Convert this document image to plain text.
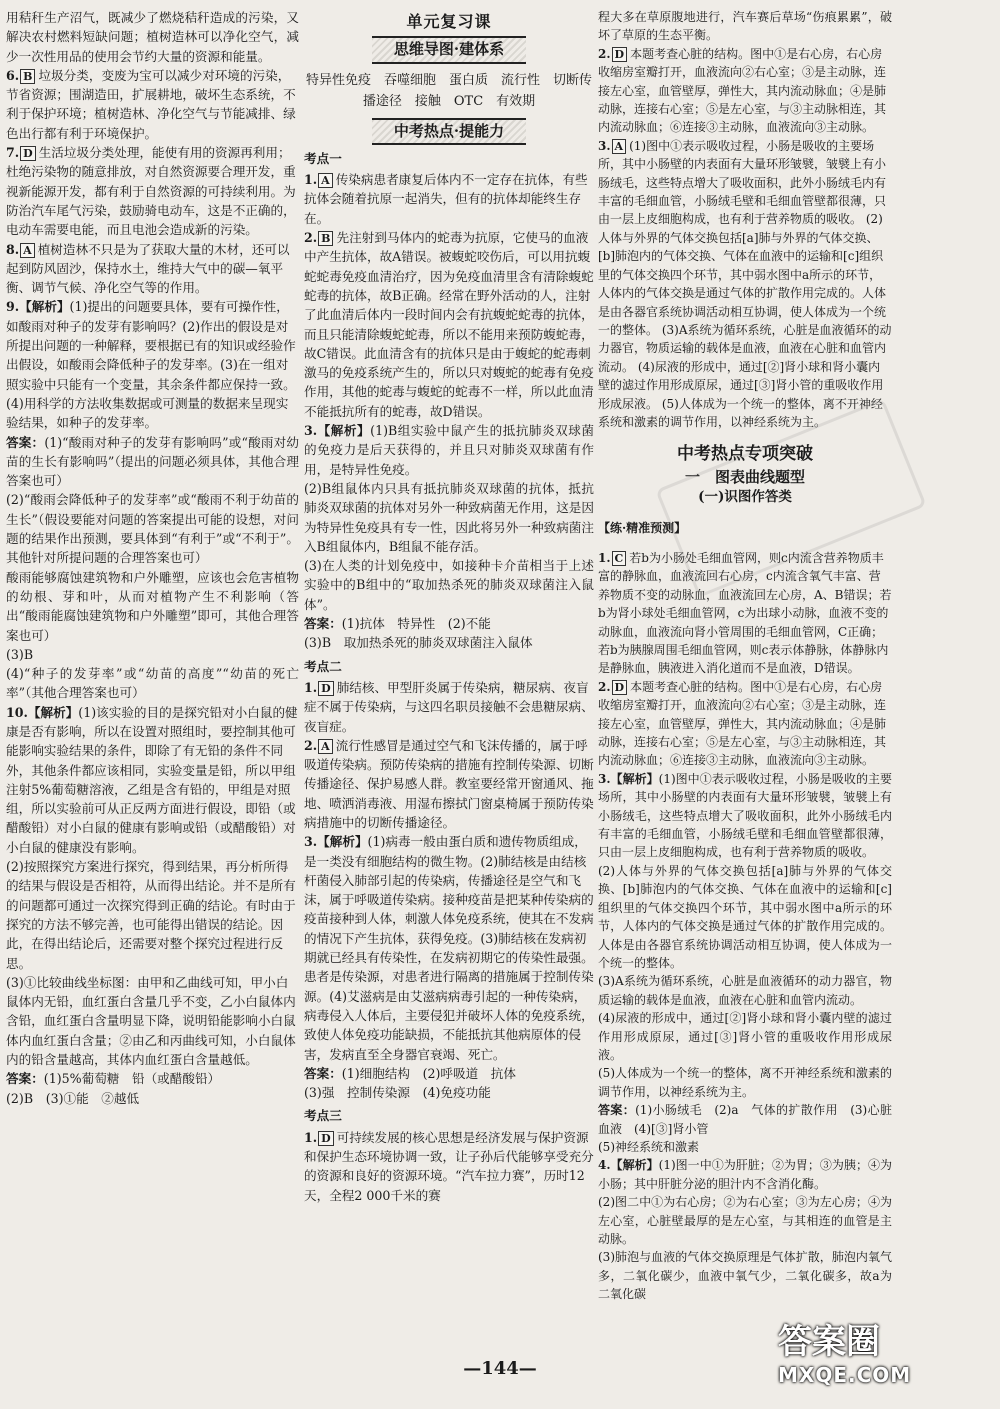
用秸秆生产沼气，既减少了燃烧秸秆造成的污染，又解决农村燃料短缺问题；植树造林可以净化空气，减少一次性用品的使用会节约大量的资源和能量。

6. B 垃圾分类，变废为宝可以减少对环境的污染，节省资源；围湖造田，扩展耕地，破坏生态系统，不利于保护环境；植树造林、净化空气与节能减排、绿色出行都有利于环境保护。

7. D 生活垃圾分类处理，能使有用的资源再利用；杜绝污染物的随意排放，对自然资源要合理开发，重视新能源开发，都有利于自然资源的可持续利用。为防治汽车尾气污染，鼓励骑电动车，这是不正确的，电动车需要电能，而且电池会造成新的污染。

8. A 植树造林不只是为了获取大量的木材，还可以起到防风固沙，保持水土，维持大气中的碳—氧平衡、调节气候、净化空气等的作用。

9.【解析】(1)提出的问题要具体，要有可操作性，如酸雨对种子的发芽有影响吗？(2)作出的假设是对所提出问题的一种解释，要根据已有的知识或经验作出假设，如酸雨会降低种子的发芽率。(3)在一组对照实验中只能有一个变量，其余条件都应保持一致。(4)用科学的方法收集数据或可测量的数据来呈现实验结果，如种子的发芽率。

答案：(1)“酸雨对种子的发芽有影响吗”或“酸雨对幼苗的生长有影响吗”（提出的问题必须具体，其他合理答案也可）
(2)“酸雨会降低种子的发芽率”或“酸雨不利于幼苗的生长”（假设要能对问题的答案提出可能的设想，对问题的结果作出预测，要具体到“有利于”或“不利于”。其他针对所提问题的合理答案也可）
酸雨能够腐蚀建筑物和户外雕塑，应该也会危害植物的幼根、芽和叶，从而对植物产生不利影响（答出“酸雨能腐蚀建筑物和户外雕塑”即可，其他合理答案也可）
(3)B
(4)“种子的发芽率”或“幼苗的高度”“幼苗的死亡率”（其他合理答案也可）

10.【解析】(1)该实验的目的是探究铅对小白鼠的健康是否有影响，所以在设置对照组时，要控制其他可能影响实验结果的条件，即除了有无铅的条件不同外，其他条件都应该相同，实验变量是铅，所以甲组注射5%葡萄糖溶液，乙组是含有铅的，甲组是对照组，所以实验前可从正反两方面进行假设，即铅（或醋酸铅）对小白鼠的健康有影响或铅（或醋酸铅）对小白鼠的健康没有影响。
(2)按照探究方案进行探究，得到结果，再分析所得的结果与假设是否相符，从而得出结论。并不是所有的问题都可通过一次探究得到正确的结论。有时由于探究的方法不够完善，也可能得出错误的结论。因此，在得出结论后，还需要对整个探究过程进行反思。
(3)①比较曲线坐标图：由甲和乙曲线可知，甲小白鼠体内无铅，血红蛋白含量几乎不变，乙小白鼠体内含铅，血红蛋白含量明显下降，说明铅能影响小白鼠体内血红蛋白含量；②由乙和丙曲线可知，小白鼠体内的铅含量越高，其体内血红蛋白含量越低。

答案：(1)5%葡萄糖　铅（或醋酸铅）
(2)B　(3)①能　②越低

单元复习课
思维导图·建体系

特异性免疫　吞噬细胞　蛋白质　流行性　切断传播途径　接触　OTC　有效期

中考热点·提能力

考点一

1. A 传染病患者康复后体内不一定存在抗体，有些抗体会随着抗原一起消失，但有的抗体却能终生存在。

2. B 先注射到马体内的蛇毒为抗原，它使马的血液中产生抗体，故A错误。被蝮蛇咬伤后，可以用抗蝮蛇蛇毒免疫血清治疗，因为免疫血清里含有清除蝮蛇蛇毒的抗体，故B正确。经常在野外活动的人，注射了此血清后体内一段时间内会有抗蝮蛇蛇毒的抗体，而且只能清除蝮蛇蛇毒，所以不能用来预防蝮蛇毒，故C错误。此血清含有的抗体只是由于蝮蛇的蛇毒刺激马的免疫系统产生的，所以只对蝮蛇的蛇毒有免疫作用，其他的蛇毒与蝮蛇的蛇毒不一样，所以此血清不能抵抗所有的蛇毒，故D错误。

3.【解析】(1)B组实验中鼠产生的抵抗肺炎双球菌的免疫力是后天获得的，并且只对肺炎双球菌有作用，是特异性免疫。
(2)B组鼠体内只具有抵抗肺炎双球菌的抗体，抵抗肺炎双球菌的抗体对另外一种致病菌无作用，这是因为特异性免疫具有专一性，因此将另外一种致病菌注入B组鼠体内，B组鼠不能存活。
(3)在人类的计划免疫中，如接种卡介苗相当于上述实验中的B组中的“取加热杀死的肺炎双球菌注入鼠体”。

答案：(1)抗体　特异性　(2)不能
(3)B　取加热杀死的肺炎双球菌注入鼠体

考点二

1. D 肺结核、甲型肝炎属于传染病，糖尿病、夜盲症不属于传染病，与这四名职员接触不会患糖尿病、夜盲症。

2. A 流行性感冒是通过空气和飞沫传播的，属于呼吸道传染病。预防传染病的措施有控制传染源、切断传播途径、保护易感人群。教室要经常开窗通风、拖地、喷洒消毒液、用湿布擦拭门窗桌椅属于预防传染病措施中的切断传播途径。

3.【解析】(1)病毒一般由蛋白质和遗传物质组成，是一类没有细胞结构的微生物。(2)肺结核是由结核杆菌侵入肺部引起的传染病，传播途径是空气和飞沫，属于呼吸道传染病。接种疫苗是把某种传染病的疫苗接种到人体，刺激人体免疫系统，使其在不发病的情况下产生抗体，获得免疫。(3)肺结核在发病初期就已经具有传染性，在发病初期它的传染性最强。患者是传染源，对患者进行隔离的措施属于控制传染源。(4)艾滋病是由艾滋病病毒引起的一种传染病，病毒侵入人体后，主要侵犯并破坏人体的免疫系统，致使人体免疫功能缺损，不能抵抗其他病原体的侵害，发病直至全身器官衰竭、死亡。

答案：(1)细胞结构　(2)呼吸道　抗体
(3)强　控制传染源　(4)免疫功能

考点三

1. D 可持续发展的核心思想是经济发展与保护资源和保护生态环境协调一致，让子孙后代能够享受充分的资源和良好的资源环境。“汽车拉力赛”，历时12天，全程2 000千米的赛

程大多在草原腹地进行，汽车赛后草场“伤痕累累”，破坏了草原的生态平衡。

2. D 本题考查心脏的结构。图中①是右心房，右心房收缩房室瓣打开，血液流向②右心室；③是主动脉，连接左心室，血管壁厚，弹性大，其内流动脉血；④是肺动脉，连接右心室；⑤是左心室，与③主动脉相连，其内流动脉血；⑥连接③主动脉，血液流向③主动脉。

3. A (1)图中①表示吸收过程，小肠是吸收的主要场所，其中小肠壁的内表面有大量环形皱襞，皱襞上有小肠绒毛，这些特点增大了吸收面积，此外小肠绒毛内有丰富的毛细血管，小肠绒毛壁和毛细血管壁都很薄，只由一层上皮细胞构成，也有利于营养物质的吸收。 (2)人体与外界的气体交换包括[a]肺与外界的气体交换、[b]肺泡内的气体交换、气体在血液中的运输和[c]组织里的气体交换四个环节，其中弱水图中a所示的环节，人体内的气体交换是通过气体的扩散作用完成的。人体是由各器官系统协调活动相互协调，使人体成为一个统一的整体。 (3)A系统为循环系统，心脏是血液循环的动力器官，物质运输的载体是血液，血液在心脏和血管内流动。 (4)尿液的形成中，通过[②]肾小球和肾小囊内壁的滤过作用形成原尿，通过[③]肾小管的重吸收作用形成尿液。 (5)人体成为一个统一的整体，离不开神经系统和激素的调节作用，以神经系统为主。

中考热点专项突破

一　图表曲线题型

(一)识图作答类

【练·精准预测】

1. C 若b为小肠处毛细血管网，则c内流含营养物质丰富的静脉血，血液流回右心房，c内流含氧气丰富、营养物质不变的动脉血，血液流回左心房，A、B错误；若b为肾小球处毛细血管网，c为出球小动脉，血液不变的动脉血，血液流向肾小管周围的毛细血管网，C正确；若b为胰腺周围毛细血管网，则c表示体静脉，体静脉内是静脉血，胰液进入消化道而不是血液，D错误。

2. D 本题考查心脏的结构。图中①是右心房，右心房收缩房室瓣打开，血液流向②右心室；③是主动脉，连接左心室，血管壁厚，弹性大，其内流动脉血；④是肺动脉，连接右心室；⑤是左心室，与③主动脉相连，其内流动脉血；⑥连接③主动脉，血液流向③主动脉。

3.【解析】(1)图中①表示吸收过程，小肠是吸收的主要场所，其中小肠壁的内表面有大量环形皱襞，皱襞上有小肠绒毛，这些特点增大了吸收面积，此外小肠绒毛内有丰富的毛细血管，小肠绒毛壁和毛细血管壁都很薄，只由一层上皮细胞构成，也有利于营养物质的吸收。
(2)人体与外界的气体交换包括[a]肺与外界的气体交换、[b]肺泡内的气体交换、气体在血液中的运输和[c]组织里的气体交换四个环节，其中弱水图中a所示的环节，人体内的气体交换是通过气体的扩散作用完成的。人体是由各器官系统协调活动相互协调，使人体成为一个统一的整体。
(3)A系统为循环系统，心脏是血液循环的动力器官，物质运输的载体是血液，血液在心脏和血管内流动。
(4)尿液的形成中，通过[②]肾小球和肾小囊内壁的滤过作用形成原尿，通过[③]肾小管的重吸收作用形成尿液。
(5)人体成为一个统一的整体，离不开神经系统和激素的调节作用，以神经系统为主。

答案：(1)小肠绒毛　(2)a　气体的扩散作用　(3)心脏　血液　(4)[③]肾小管
(5)神经系统和激素

4.【解析】(1)图一中①为肝脏；②为胃；③为胰；④为小肠；其中肝脏分泌的胆汁内不含消化酶。
(2)图二中①为右心房；②为右心室；③为左心房；④为左心室，心脏壁最厚的是左心室，与其相连的血管是主动脉。
(3)肺泡与血液的气体交换原理是气体扩散，肺泡内氧气多，二氧化碳少，血液中氧气少，二氧化碳多，故a为二氧化碳

—144—
答案圈
MXQE.COM
